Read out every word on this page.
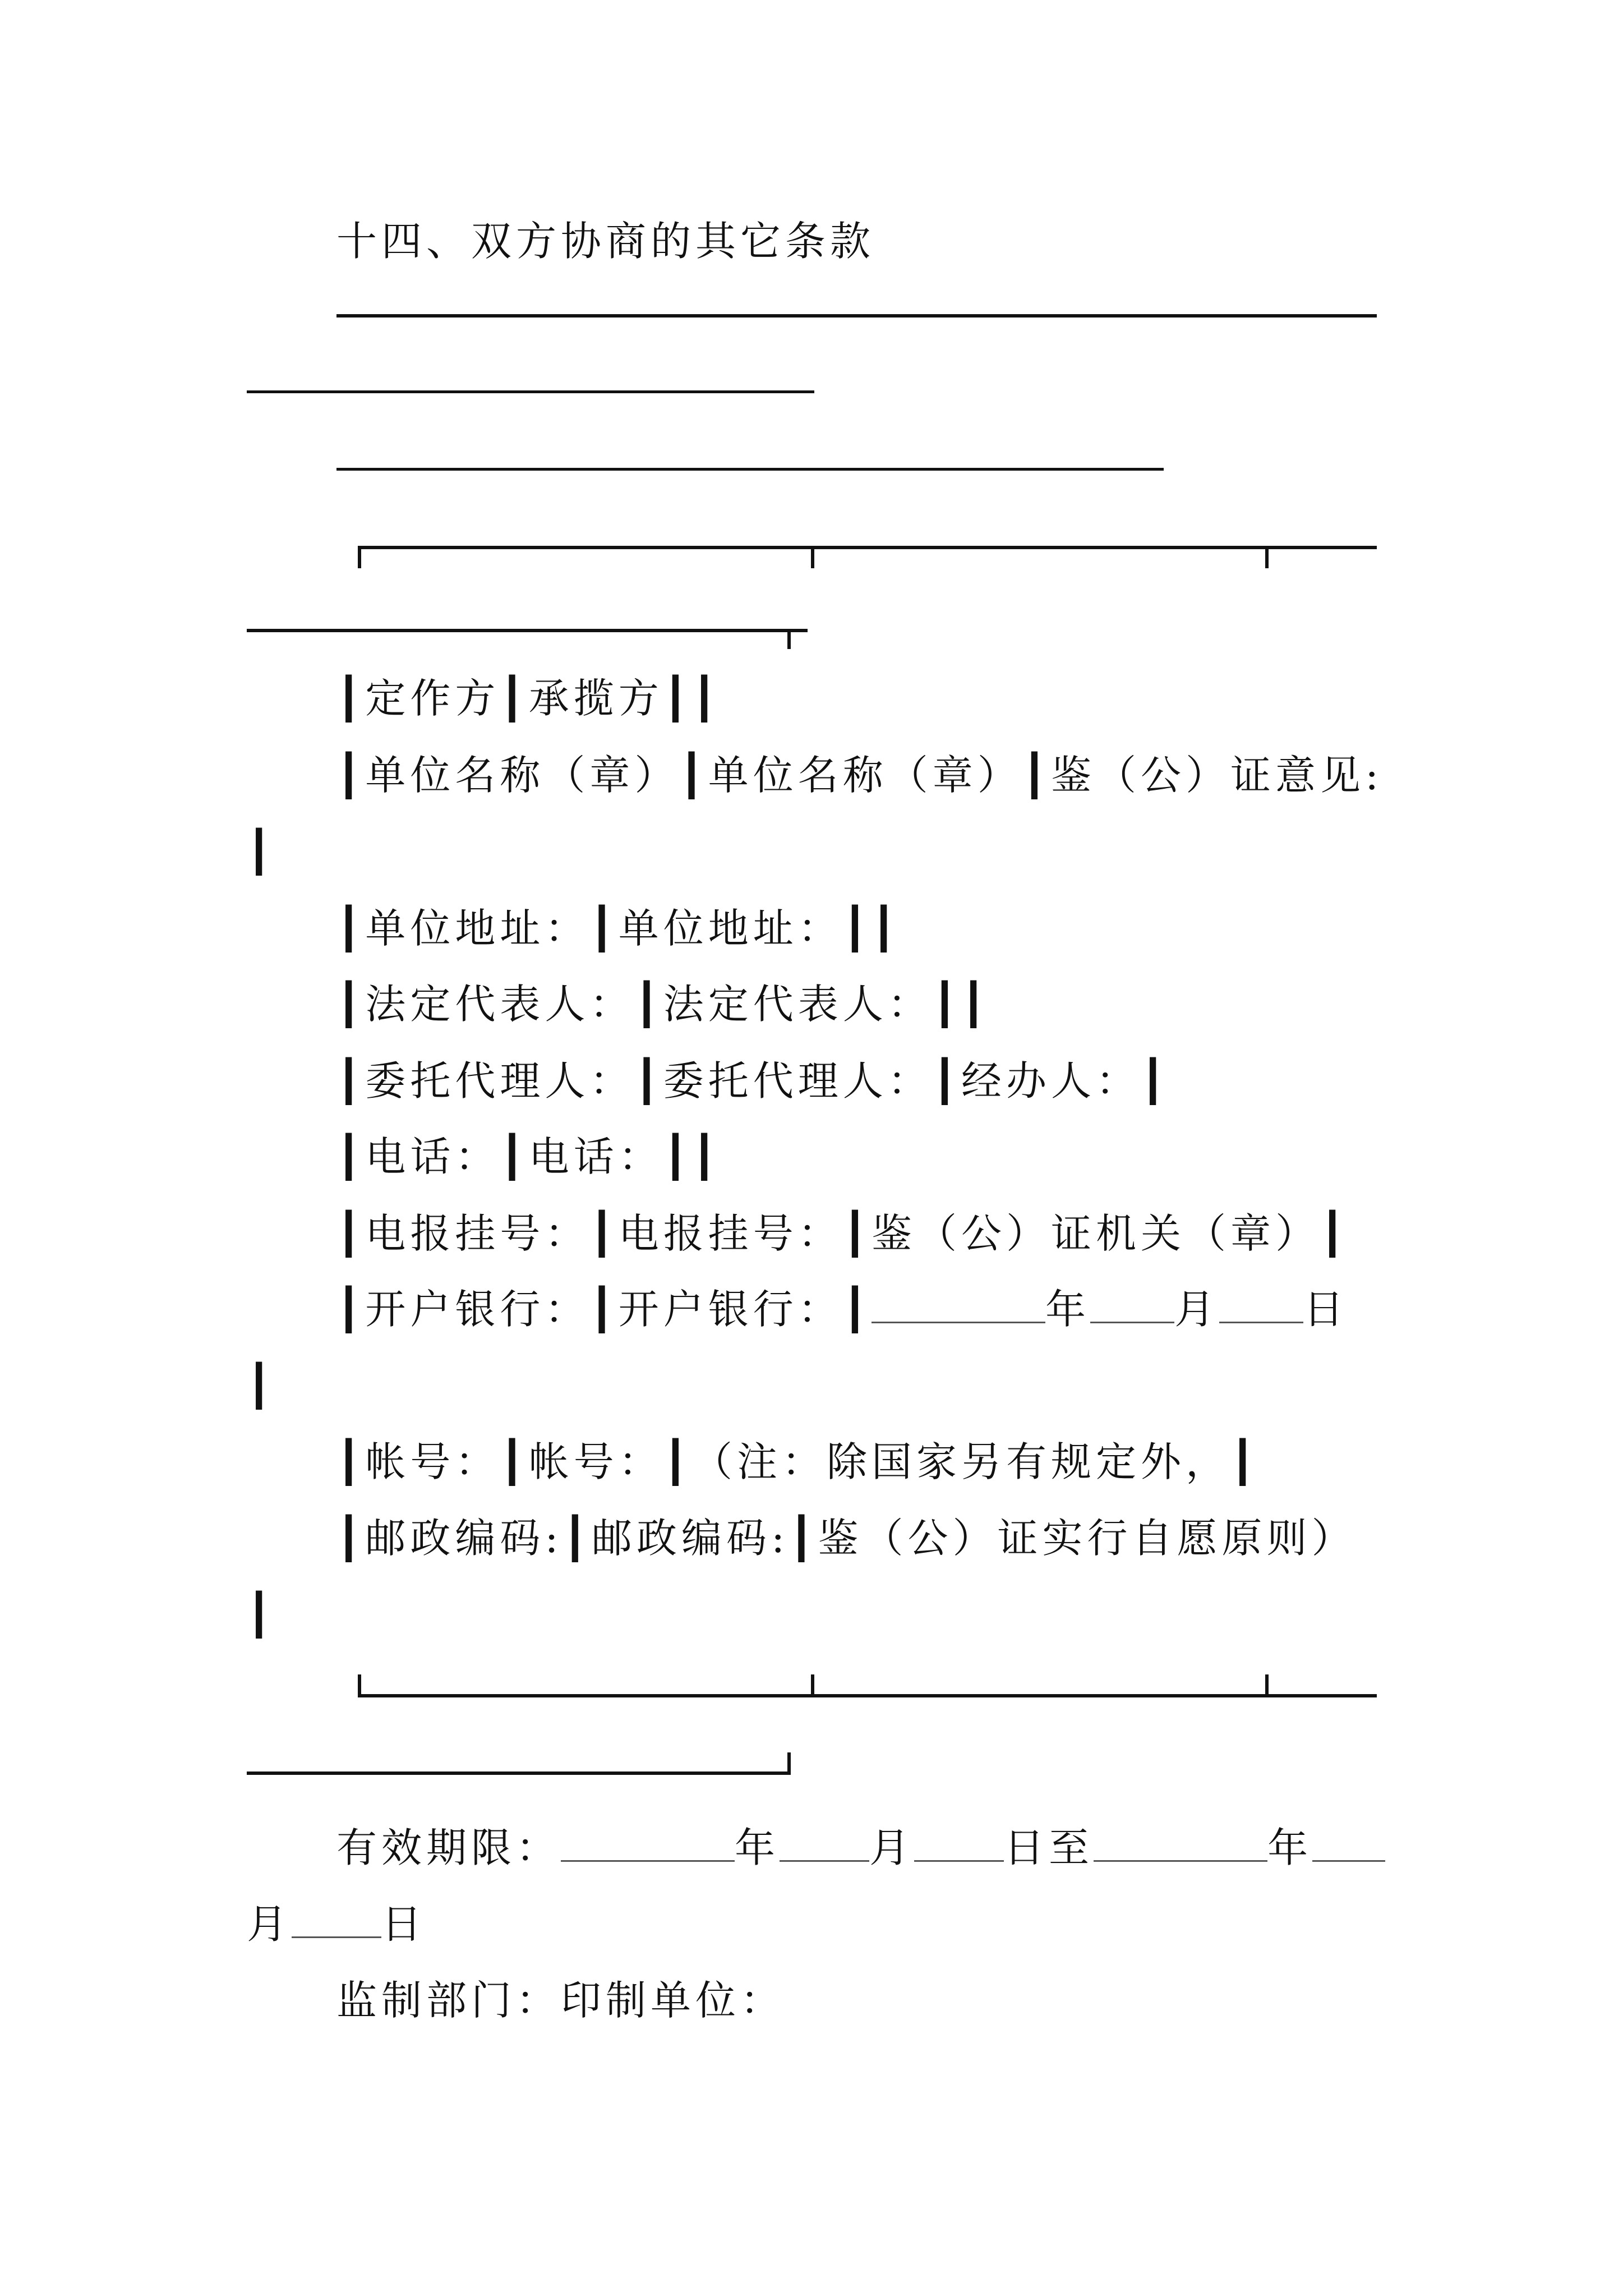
十四、双方协商的其它条款
┃定作方┃承揽方┃┃
┃单位名称（章）┃单位名称（章）┃鉴（公）证意见:
┃
┃单位地址：┃单位地址：┃┃
┃法定代表人：┃法定代表人：┃┃
┃委托代理人：┃委托代理人：┃经办人：┃
┃电话：┃电话：┃┃
┃电报挂号：┃电报挂号：┃鉴（公）证机关（章）┃
┃开户银行：┃开户银行：┃	年 月 日
┃
┃帐号：┃帐号：┃（注：除国家另有规定外，┃
┃邮政编码:┃邮政编码:┃鉴（公）证实行自愿原则）
┃
有效期限：	年 月 日至	年
月 日
监制部门：印制单位：
